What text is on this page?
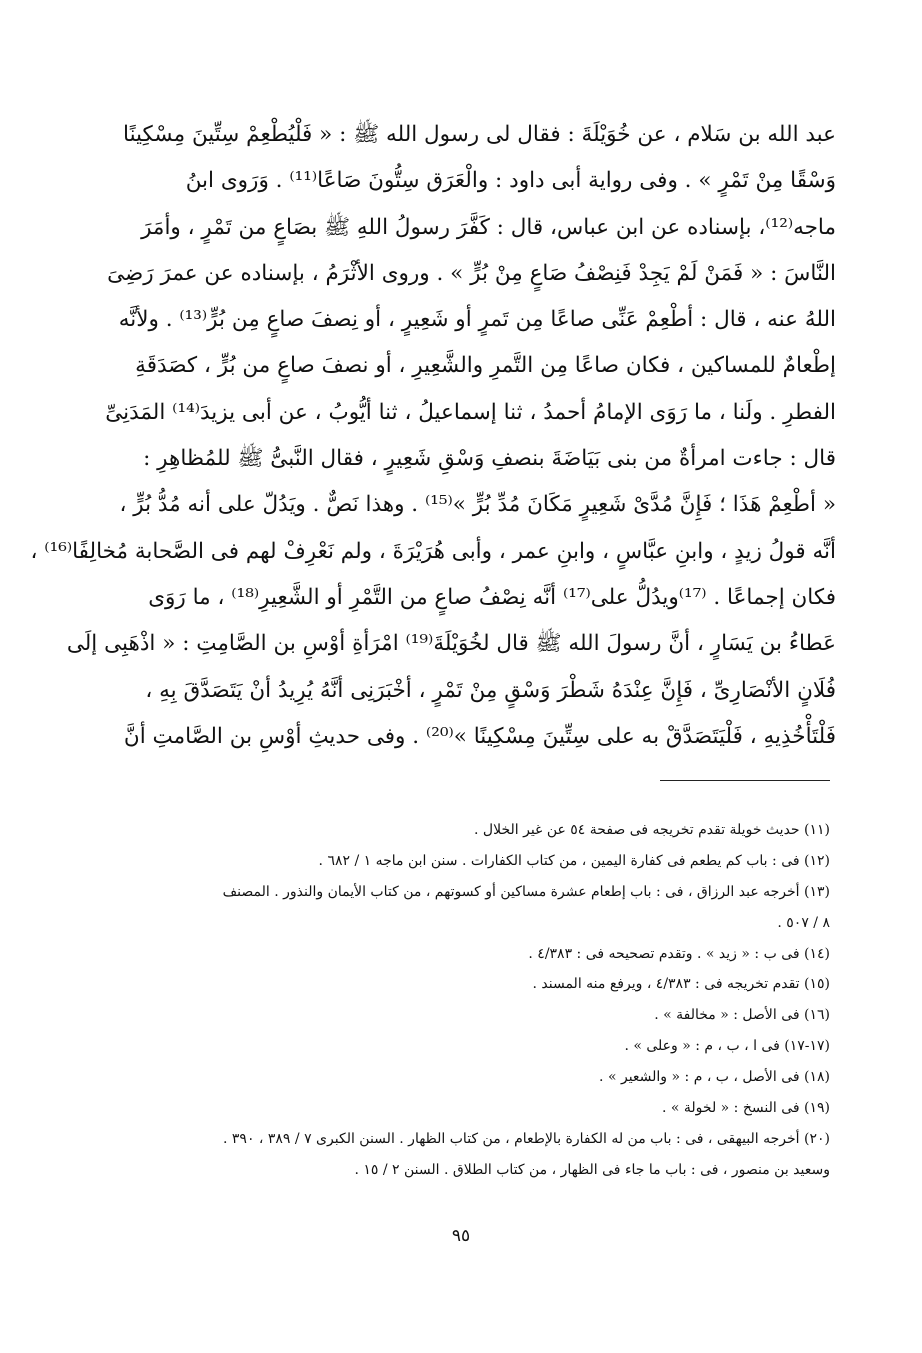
عبد الله بن سَلام ، عن خُوَيْلَةَ : فقال لى رسول الله ﷺ : « فَلْيُطْعِمْ سِتِّينَ مِسْكِينًا
وَسْقًا مِنْ تَمْرٍ » . وفى رواية أبى داود : والْعَرَق سِتُّونَ صَاعًا⁽¹¹⁾ . وَرَوى ابنُ
ماجه⁽¹²⁾، بإسناده عن ابن عباس، قال : كَفَّرَ رسولُ اللهِ ﷺ بصَاعٍ من تَمْرٍ ، وأمَرَ
النَّاسَ : « فَمَنْ لَمْ يَجِدْ فَنِصْفُ صَاعٍ مِنْ بُرٍّ » . وروى الأثْرَمُ ، بإسناده عن عمرَ رَضِىَ
اللهُ عنه ، قال : أطْعِمْ عَنِّى صاعًا مِن تَمرٍ أو شَعِيرٍ ، أو نِصفَ صاعٍ مِن بُرٍّ⁽¹³⁾ . ولأنَّه
إطْعامٌ للمساكين ، فكان صاعًا مِن التَّمرِ والشَّعِيرِ ، أو نصفَ صاعٍ من بُرٍّ ، كصَدَقَةِ
الفطرِ . ولَنا ، ما رَوَى الإمامُ أحمدُ ، ثنا إسماعيلُ ، ثنا أيُّوبُ ، عن أبى يزيدَ⁽¹⁴⁾ المَدَنِىِّ
قال : جاءت امرأةٌ من بنى بَيَاضَةَ بنصفِ وَسْقِ شَعِيرٍ ، فقال النَّبىُّ ﷺ للمُظاهِرِ :
« أطْعِمْ هَذَا ؛ فَإِنَّ مُدَّىْ شَعِيرٍ مَكَانَ مُدِّ بُرٍّ »⁽¹⁵⁾ . وهذا نَصٌّ . ويَدُلّ على أنه مُدُّ بُرٍّ ،
أنَّه قولُ زيدٍ ، وابنِ عبَّاسٍ ، وابنِ عمر ، وأبى هُرَيْرَةَ ، ولم نَعْرِفْ لهم فى الصَّحابة مُخالِفًا⁽¹⁶⁾ ،
فكان إجماعًا . ⁽¹⁷⁾ويدُلُّ على⁽¹⁷⁾ أنَّه نِصْفُ صاعٍ من التَّمْرِ أو الشَّعِيرِ⁽¹⁸⁾ ، ما رَوَى
عَطاءُ بن يَسَارٍ ، أنَّ رسولَ الله ﷺ قال لخُوَيْلَةَ⁽¹⁹⁾ امْرَأةِ أوْسِ بن الصَّامِتِ : « اذْهَبِى إلَى
فُلَانٍ الأنْصَارِىِّ ، فَإِنَّ عِنْدَهُ شَطْرَ وَسْقٍ مِنْ تَمْرٍ ، أخْبَرَنِى أنَّهُ يُرِيدُ أنْ يَتَصَدَّقَ بِهِ ،
فَلْتَأْخُذِيهِ ، فَلْيَتَصَدَّقْ به على سِتِّينَ مِسْكِينًا »⁽²⁰⁾ . وفى حديثِ أوْسِ بن الصَّامتِ أنَّ
(١١) حديث خويلة تقدم تخريجه فى صفحة ٥٤ عن غير الخلال .
(١٢) فى : باب كم يطعم فى كفارة اليمين ، من كتاب الكفارات . سنن ابن ماجه ١ / ٦٨٢ .
(١٣) أخرجه عبد الرزاق ، فى : باب إطعام عشرة مساكين أو كسوتهم ، من كتاب الأيمان والنذور . المصنف
٨ / ٥٠٧ .
(١٤) فى ب : « زيد » . وتقدم تصحيحه فى : ٤/٣٨٣ .
(١٥) تقدم تخريجه فى : ٤/٣٨٣ ، ويرفع منه المسند .
(١٦) فى الأصل : « مخالفة » .
(١٧-١٧) فى ا ، ب ، م : « وعلى » .
(١٨) فى الأصل ، ب ، م : « والشعير » .
(١٩) فى النسخ : « لخولة » .
(٢٠) أخرجه البيهقى ، فى : باب من له الكفارة بالإطعام ، من كتاب الظهار . السنن الكبرى ٧ / ٣٨٩ ، ٣٩٠ .
وسعيد بن منصور ، فى : باب ما جاء فى الظهار ، من كتاب الطلاق . السنن ٢ / ١٥ .
٩٥
